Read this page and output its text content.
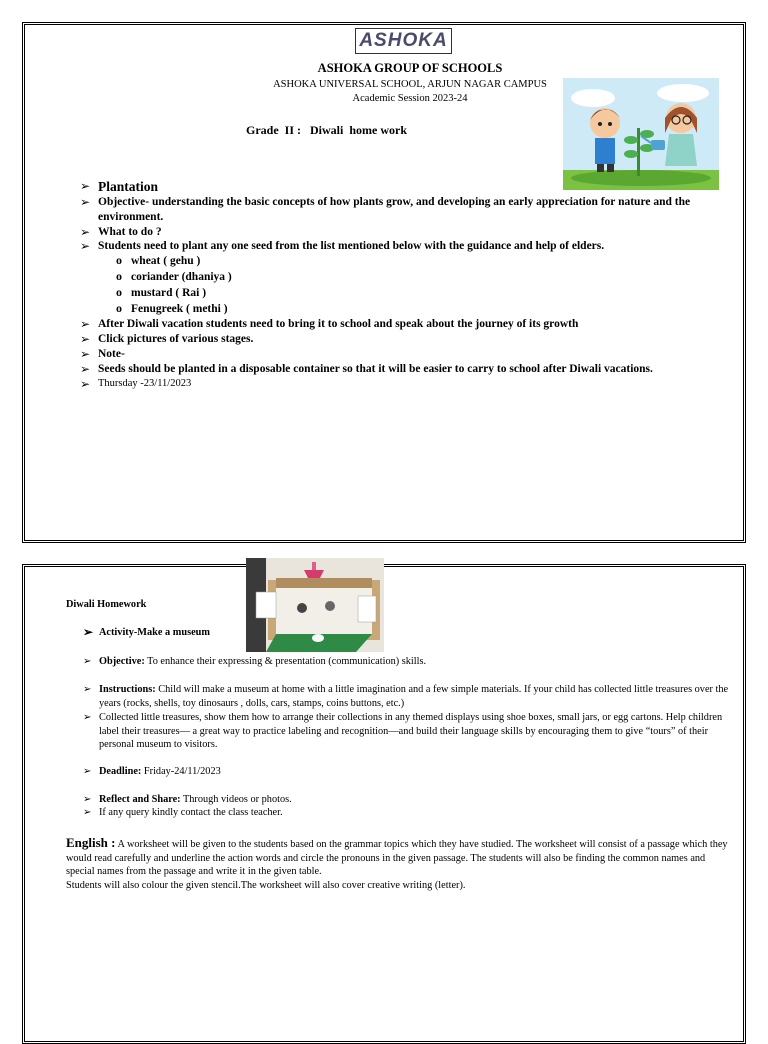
ASHOKA
ASHOKA GROUP OF SCHOOLS
ASHOKA UNIVERSAL SCHOOL, ARJUN NAGAR CAMPUS
Academic Session 2023-24
Grade  II :   Diwali  home work
➢ Plantation
➢ Objective- understanding the basic concepts of how plants grow, and developing an early appreciation for nature and the environment.
➢ What to do ?
➢ Students need to plant any one seed from the list mentioned below with the guidance and help of elders.
o wheat ( gehu )
o coriander (dhaniya )
o mustard ( Rai )
o Fenugreek ( methi )
➢ After Diwali vacation students need to bring it to school and speak about the journey of its growth
➢ Click pictures of various stages.
➢ Note-
➢ Seeds should be planted in a disposable container so that it will be easier to carry to school after Diwali vacations.
➢ Thursday -23/11/2023
Diwali Homework
➢ Activity-Make a museum
➢ Objective: To enhance their expressing & presentation (communication) skills.
➢ Instructions: Child will make a museum at home with a little imagination and a few simple materials. If your child has collected little treasures over the years (rocks, shells, toy dinosaurs , dolls, cars, stamps, coins buttons, etc.)
➢ Collected little treasures, show them how to arrange their collections in any themed displays using shoe boxes, small jars, or egg cartons. Help children label their treasures— a great way to practice labeling and recognition—and build their language skills by encouraging them to give “tours” of their personal museum to visitors.
➢ Deadline: Friday-24/11/2023
➢ Reflect and Share: Through videos or photos.
➢ If any query kindly contact the class teacher.
English : A worksheet will be given to the students based on the grammar topics which they have studied. The worksheet will consist of a passage which they would read carefully and underline the action words and circle the pronouns in the given passage. The students will also be finding the common names and special names from the passage and write it in the given table.
Students will also colour the given stencil.The worksheet will also cover creative writing (letter).
